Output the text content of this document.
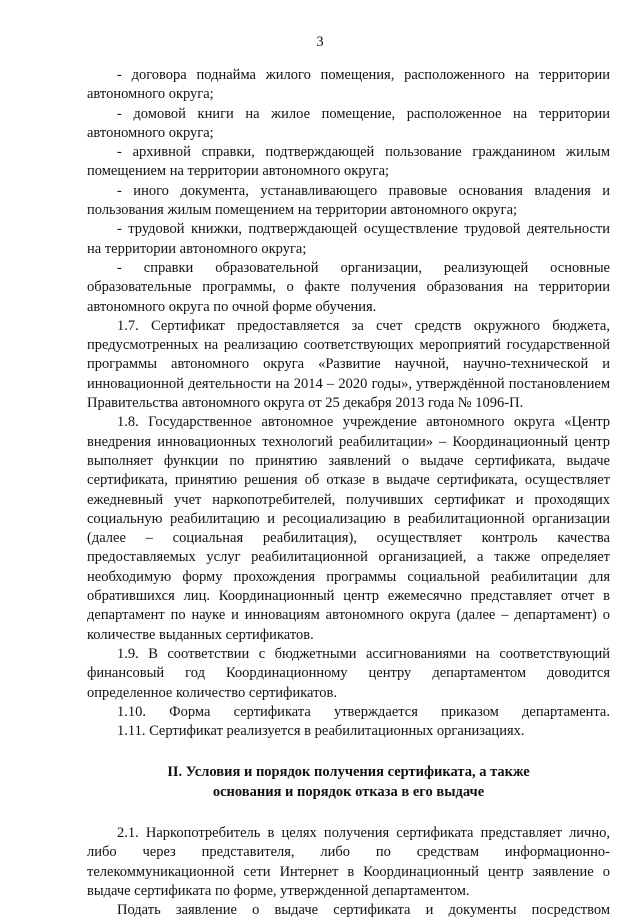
3

- договора поднайма жилого помещения, расположенного на территории автономного округа;

- домовой книги на жилое помещение, расположенное на территории автономного округа;

- архивной справки, подтверждающей пользование гражданином жилым помещением на территории автономного округа;

- иного документа, устанавливающего правовые основания владения и пользования жилым помещением на территории автономного округа;

- трудовой книжки, подтверждающей осуществление трудовой деятельности на территории автономного округа;

- справки образовательной организации, реализующей основные образовательные программы, о факте получения образования на территории автономного округа по очной форме обучения.

1.7. Сертификат предоставляется за счет средств окружного бюджета, предусмотренных на реализацию соответствующих мероприятий государственной программы автономного округа «Развитие научной, научно-технической и инновационной деятельности на 2014 – 2020 годы», утверждённой постановлением Правительства автономного округа от 25 декабря 2013 года № 1096-П.

1.8. Государственное автономное учреждение автономного округа «Центр внедрения инновационных технологий реабилитации» – Координационный центр выполняет функции по принятию заявлений о выдаче сертификата, выдаче сертификата, принятию решения об отказе в выдаче сертификата, осуществляет ежедневный учет наркопотребителей, получивших сертификат и проходящих социальную реабилитацию и ресоциализацию в реабилитационной организации (далее – социальная реабилитация), осуществляет контроль качества предоставляемых услуг реабилитационной организацией, а также определяет необходимую форму прохождения программы социальной реабилитации для обратившихся лиц. Координационный центр ежемесячно представляет отчет в департамент по науке и инновациям автономного округа (далее – департамент) о количестве выданных сертификатов.

1.9. В соответствии с бюджетными ассигнованиями на соответствующий финансовый год Координационному центру департаментом доводится определенное количество сертификатов.

1.10. Форма сертификата утверждается приказом департамента.

1.11. Сертификат реализуется в реабилитационных организациях.

II. Условия и порядок получения сертификата, а также
основания и порядок отказа в его выдаче

2.1. Наркопотребитель в целях получения сертификата представляет лично, либо через представителя, либо по средствам информационно-телекоммуникационной сети Интернет в Координационный центр заявление о выдаче сертификата по форме, утвержденной департаментом.

Подать заявление о выдаче сертификата и документы посредством
